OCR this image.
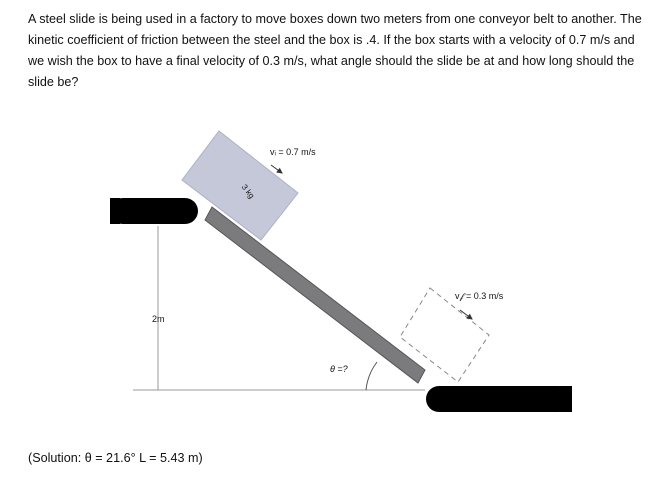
A steel slide is being used in a factory to move boxes down two meters from one conveyor belt to another. The kinetic coefficient of friction between the steel and the box is .4. If the box starts with a velocity of 0.7 m/s and we wish the box to have a final velocity of 0.3 m/s, what angle should the slide be at and how long should the slide be?

3 kg
vᵢ = 0.7 m/s
v𝒻 = 0.3 m/s
2m
θ =?

(Solution: θ = 21.6° L = 5.43 m)
